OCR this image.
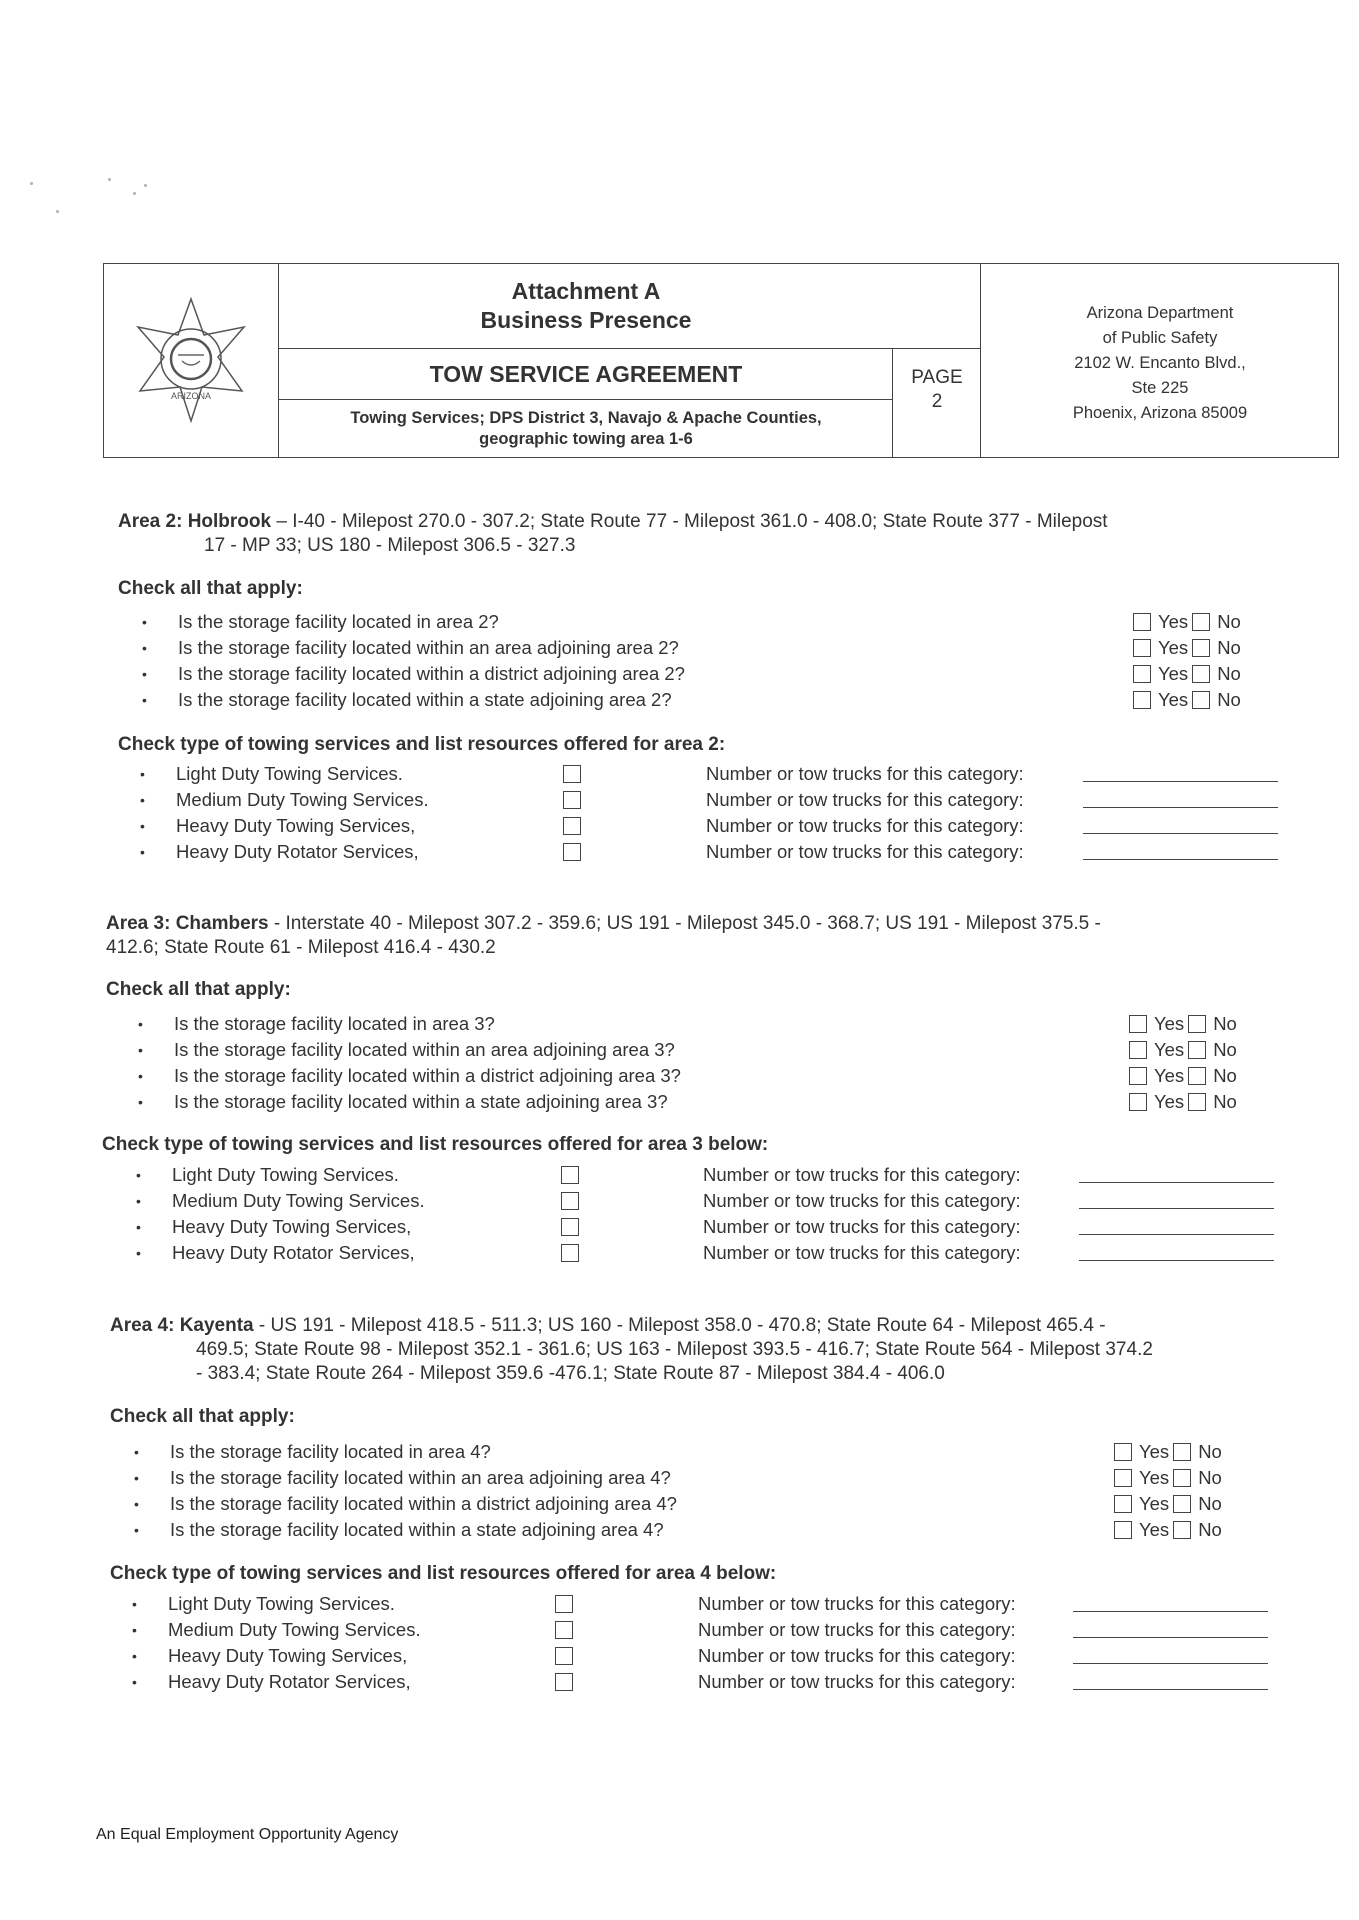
ARIZONA
Attachment A
Business Presence
TOW SERVICE AGREEMENT
Towing Services; DPS District 3, Navajo & Apache Counties,
geographic towing area 1-6
PAGE
2
Arizona Department
of Public Safety
2102 W. Encanto Blvd.,
Ste 225
Phoenix, Arizona 85009
Area 2: Holbrook – I-40 - Milepost 270.0 - 307.2; State Route 77 - Milepost 361.0 - 408.0; State Route 377 - Milepost
17 - MP 33; US 180 - Milepost 306.5 - 327.3
Check all that apply:
• Is the storage facility located in area 2?	Yes No
• Is the storage facility located within an area adjoining area 2?	Yes No
• Is the storage facility located within a district adjoining area 2?	Yes No
• Is the storage facility located within a state adjoining area 2?	Yes No
Check type of towing services and list resources offered for area 2:
• Light Duty Towing Services.	Number or tow trucks for this category:
• Medium Duty Towing Services.	Number or tow trucks for this category:
• Heavy Duty Towing Services,	Number or tow trucks for this category:
• Heavy Duty Rotator Services,	Number or tow trucks for this category:
Area 3: Chambers - Interstate 40 - Milepost 307.2 - 359.6; US 191 - Milepost 345.0 - 368.7; US 191 - Milepost 375.5 -
412.6; State Route 61 - Milepost 416.4 - 430.2
Check all that apply:
• Is the storage facility located in area 3?	Yes No
• Is the storage facility located within an area adjoining area 3?	Yes No
• Is the storage facility located within a district adjoining area 3?	Yes No
• Is the storage facility located within a state adjoining area 3?	Yes No
Check type of towing services and list resources offered for area 3 below:
• Light Duty Towing Services.	Number or tow trucks for this category:
• Medium Duty Towing Services.	Number or tow trucks for this category:
• Heavy Duty Towing Services,	Number or tow trucks for this category:
• Heavy Duty Rotator Services,	Number or tow trucks for this category:
Area 4: Kayenta - US 191 - Milepost 418.5 - 511.3; US 160 - Milepost 358.0 - 470.8; State Route 64 - Milepost 465.4 -
469.5; State Route 98 - Milepost 352.1 - 361.6; US 163 - Milepost 393.5 - 416.7; State Route 564 - Milepost 374.2
- 383.4; State Route 264 - Milepost 359.6 -476.1; State Route 87 - Milepost 384.4 - 406.0
Check all that apply:
• Is the storage facility located in area 4?	Yes No
• Is the storage facility located within an area adjoining area 4?	Yes No
• Is the storage facility located within a district adjoining area 4?	Yes No
• Is the storage facility located within a state adjoining area 4?	Yes No
Check type of towing services and list resources offered for area 4 below:
• Light Duty Towing Services.	Number or tow trucks for this category:
• Medium Duty Towing Services.	Number or tow trucks for this category:
• Heavy Duty Towing Services,	Number or tow trucks for this category:
• Heavy Duty Rotator Services,	Number or tow trucks for this category:
An Equal Employment Opportunity Agency
